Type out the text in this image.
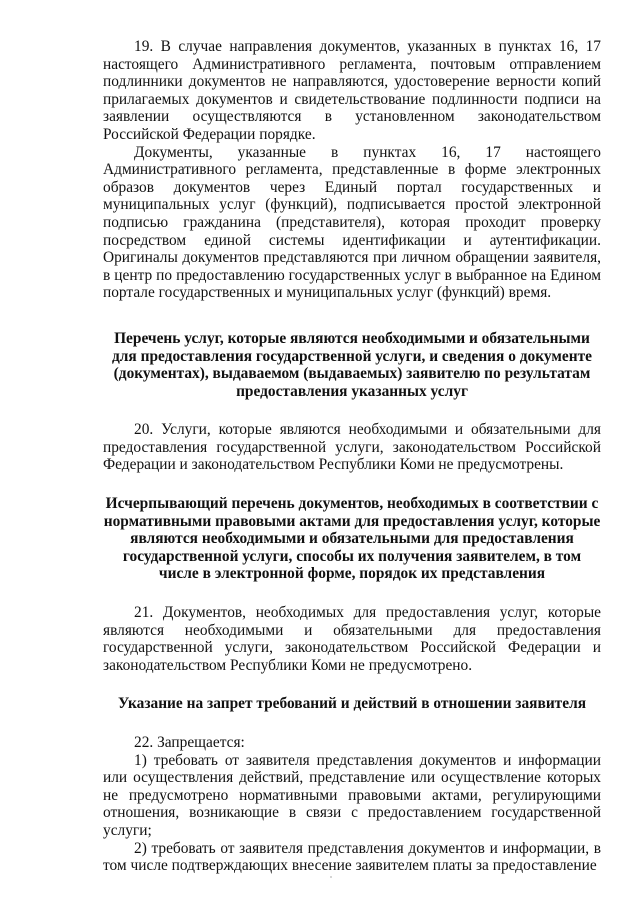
19. В случае направления документов, указанных в пунктах 16, 17 настоящего Административного регламента, почтовым отправлением подлинники документов не направляются, удостоверение верности копий прилагаемых документов и свидетельствование подлинности подписи на заявлении осуществляются в установленном законодательством Российской Федерации порядке.

Документы, указанные в пунктах 16, 17 настоящего Административного регламента, представленные в форме электронных образов документов через Единый портал государственных и муниципальных услуг (функций), подписывается простой электронной подписью гражданина (представителя), которая проходит проверку посредством единой системы идентификации и аутентификации. Оригиналы документов представляются при личном обращении заявителя, в центр по предоставлению государственных услуг в выбранное на Едином портале государственных и муниципальных услуг (функций) время.

Перечень услуг, которые являются необходимыми и обязательными для предоставления государственной услуги, и сведения о документе (документах), выдаваемом (выдаваемых) заявителю по результатам предоставления указанных услуг

20. Услуги, которые являются необходимыми и обязательными для предоставления государственной услуги, законодательством Российской Федерации и законодательством Республики Коми не предусмотрены.

Исчерпывающий перечень документов, необходимых в соответствии с нормативными правовыми актами для предоставления услуг, которые являются необходимыми и обязательными для предоставления государственной услуги, способы их получения заявителем, в том числе в электронной форме, порядок их представления

21. Документов, необходимых для предоставления услуг, которые являются необходимыми и обязательными для предоставления государственной услуги, законодательством Российской Федерации и законодательством Республики Коми не предусмотрено.

Указание на запрет требований и действий в отношении заявителя

22. Запрещается:

1) требовать от заявителя представления документов и информации или осуществления действий, представление или осуществление которых не предусмотрено нормативными правовыми актами, регулирующими отношения, возникающие в связи с предоставлением государственной услуги;

2) требовать от заявителя представления документов и информации, в том числе подтверждающих внесение заявителем платы за предоставление
